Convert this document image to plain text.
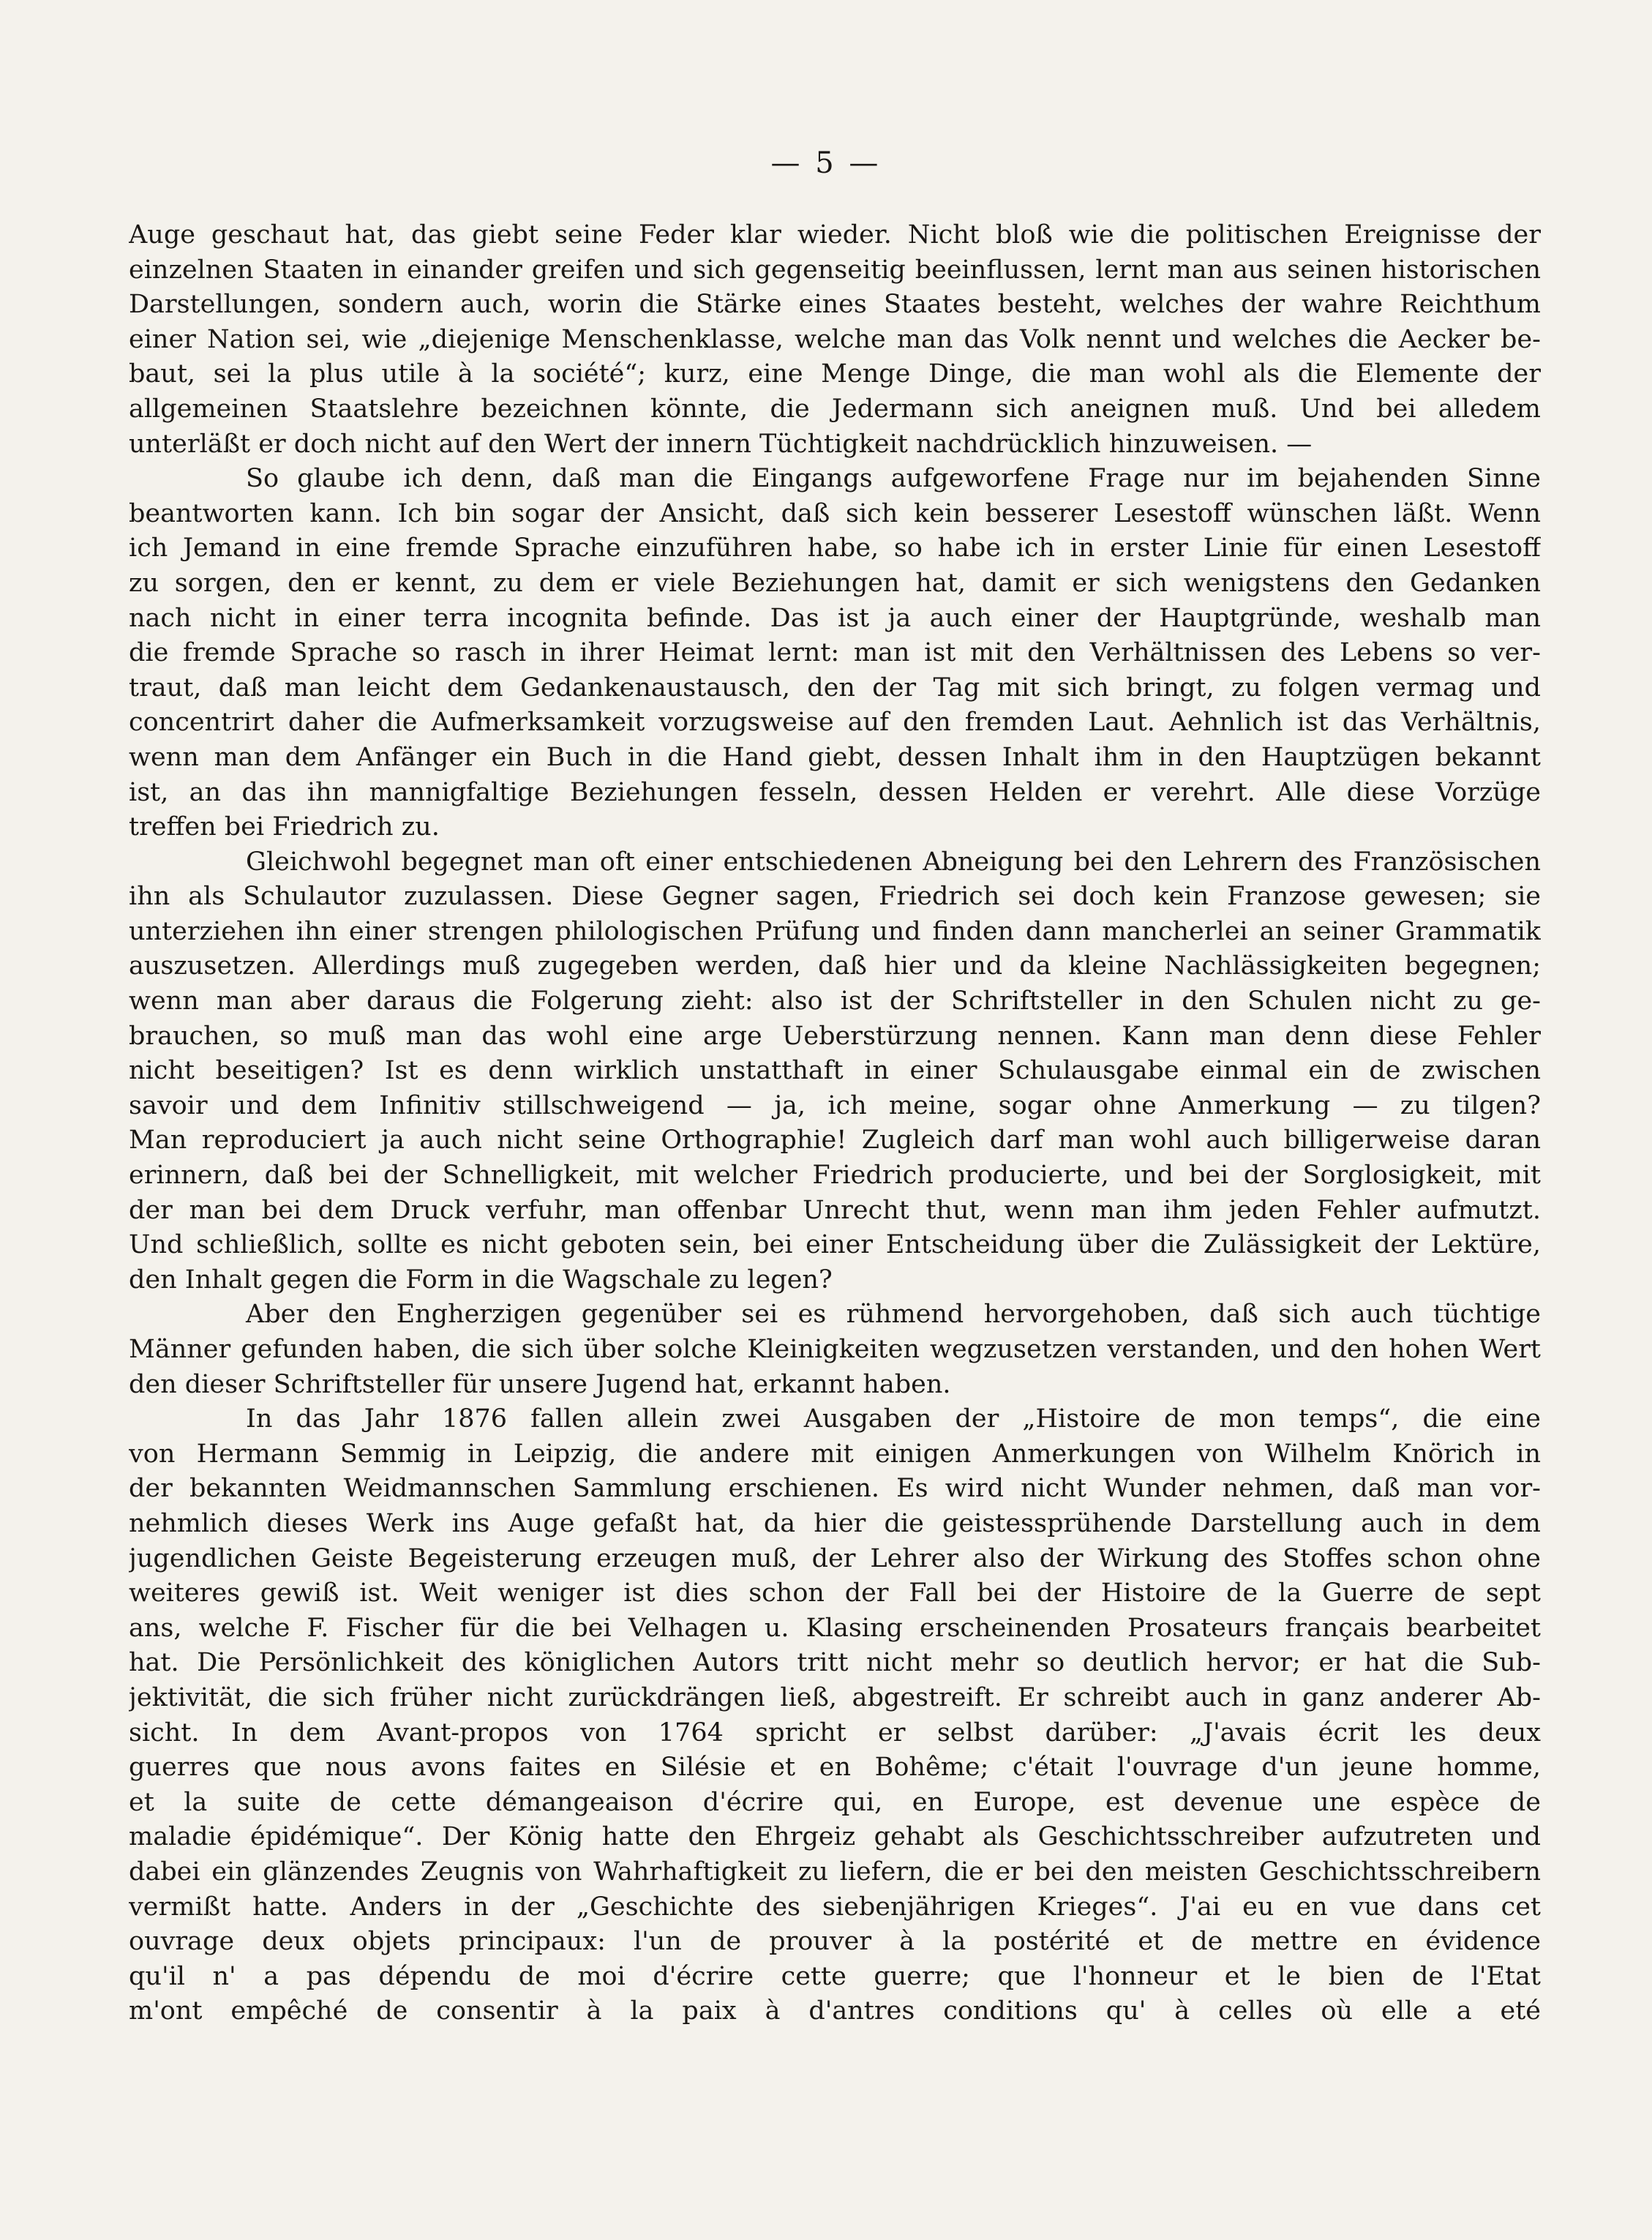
— 5 —
Auge geschaut hat, das giebt seine Feder klar wieder. Nicht bloß wie die politischen Ereignisse der
einzelnen Staaten in einander greifen und sich gegenseitig beeinflussen, lernt man aus seinen historischen
Darstellungen, sondern auch, worin die Stärke eines Staates besteht, welches der wahre Reichthum
einer Nation sei, wie „diejenige Menschenklasse, welche man das Volk nennt und welches die Aecker be-
baut, sei la plus utile à la société“; kurz, eine Menge Dinge, die man wohl als die Elemente der
allgemeinen Staatslehre bezeichnen könnte, die Jedermann sich aneignen muß. Und bei alledem
unterläßt er doch nicht auf den Wert der innern Tüchtigkeit nachdrücklich hinzuweisen. —
So glaube ich denn, daß man die Eingangs aufgeworfene Frage nur im bejahenden Sinne
beantworten kann. Ich bin sogar der Ansicht, daß sich kein besserer Lesestoff wünschen läßt. Wenn
ich Jemand in eine fremde Sprache einzuführen habe, so habe ich in erster Linie für einen Lesestoff
zu sorgen, den er kennt, zu dem er viele Beziehungen hat, damit er sich wenigstens den Gedanken
nach nicht in einer terra incognita befinde. Das ist ja auch einer der Hauptgründe, weshalb man
die fremde Sprache so rasch in ihrer Heimat lernt: man ist mit den Verhältnissen des Lebens so ver-
traut, daß man leicht dem Gedankenaustausch, den der Tag mit sich bringt, zu folgen vermag und
concentrirt daher die Aufmerksamkeit vorzugsweise auf den fremden Laut. Aehnlich ist das Verhältnis,
wenn man dem Anfänger ein Buch in die Hand giebt, dessen Inhalt ihm in den Hauptzügen bekannt
ist, an das ihn mannigfaltige Beziehungen fesseln, dessen Helden er verehrt. Alle diese Vorzüge
treffen bei Friedrich zu.
Gleichwohl begegnet man oft einer entschiedenen Abneigung bei den Lehrern des Französischen
ihn als Schulautor zuzulassen. Diese Gegner sagen, Friedrich sei doch kein Franzose gewesen; sie
unterziehen ihn einer strengen philologischen Prüfung und finden dann mancherlei an seiner Grammatik
auszusetzen. Allerdings muß zugegeben werden, daß hier und da kleine Nachlässigkeiten begegnen;
wenn man aber daraus die Folgerung zieht: also ist der Schriftsteller in den Schulen nicht zu ge-
brauchen, so muß man das wohl eine arge Ueberstürzung nennen. Kann man denn diese Fehler
nicht beseitigen? Ist es denn wirklich unstatthaft in einer Schulausgabe einmal ein de zwischen
savoir und dem Infinitiv stillschweigend — ja, ich meine, sogar ohne Anmerkung — zu tilgen?
Man reproduciert ja auch nicht seine Orthographie! Zugleich darf man wohl auch billigerweise daran
erinnern, daß bei der Schnelligkeit, mit welcher Friedrich producierte, und bei der Sorglosigkeit, mit
der man bei dem Druck verfuhr, man offenbar Unrecht thut, wenn man ihm jeden Fehler aufmutzt.
Und schließlich, sollte es nicht geboten sein, bei einer Entscheidung über die Zulässigkeit der Lektüre,
den Inhalt gegen die Form in die Wagschale zu legen?
Aber den Engherzigen gegenüber sei es rühmend hervorgehoben, daß sich auch tüchtige
Männer gefunden haben, die sich über solche Kleinigkeiten wegzusetzen verstanden, und den hohen Wert
den dieser Schriftsteller für unsere Jugend hat, erkannt haben.
In das Jahr 1876 fallen allein zwei Ausgaben der „Histoire de mon temps“, die eine
von Hermann Semmig in Leipzig, die andere mit einigen Anmerkungen von Wilhelm Knörich in
der bekannten Weidmannschen Sammlung erschienen. Es wird nicht Wunder nehmen, daß man vor-
nehmlich dieses Werk ins Auge gefaßt hat, da hier die geistessprühende Darstellung auch in dem
jugendlichen Geiste Begeisterung erzeugen muß, der Lehrer also der Wirkung des Stoffes schon ohne
weiteres gewiß ist. Weit weniger ist dies schon der Fall bei der Histoire de la Guerre de sept
ans, welche F. Fischer für die bei Velhagen u. Klasing erscheinenden Prosateurs français bearbeitet
hat. Die Persönlichkeit des königlichen Autors tritt nicht mehr so deutlich hervor; er hat die Sub-
jektivität, die sich früher nicht zurückdrängen ließ, abgestreift. Er schreibt auch in ganz anderer Ab-
sicht. In dem Avant-propos von 1764 spricht er selbst darüber: „J'avais écrit les deux
guerres que nous avons faites en Silésie et en Bohême; c'était l'ouvrage d'un jeune homme,
et la suite de cette démangeaison d'écrire qui, en Europe, est devenue une espèce de
maladie épidémique“. Der König hatte den Ehrgeiz gehabt als Geschichtsschreiber aufzutreten und
dabei ein glänzendes Zeugnis von Wahrhaftigkeit zu liefern, die er bei den meisten Geschichtsschreibern
vermißt hatte. Anders in der „Geschichte des siebenjährigen Krieges“. J'ai eu en vue dans cet
ouvrage deux objets principaux: l'un de prouver à la postérité et de mettre en évidence
qu'il n' a pas dépendu de moi d'écrire cette guerre; que l'honneur et le bien de l'Etat
m'ont empêché de consentir à la paix à d'antres conditions qu' à celles où elle a eté
